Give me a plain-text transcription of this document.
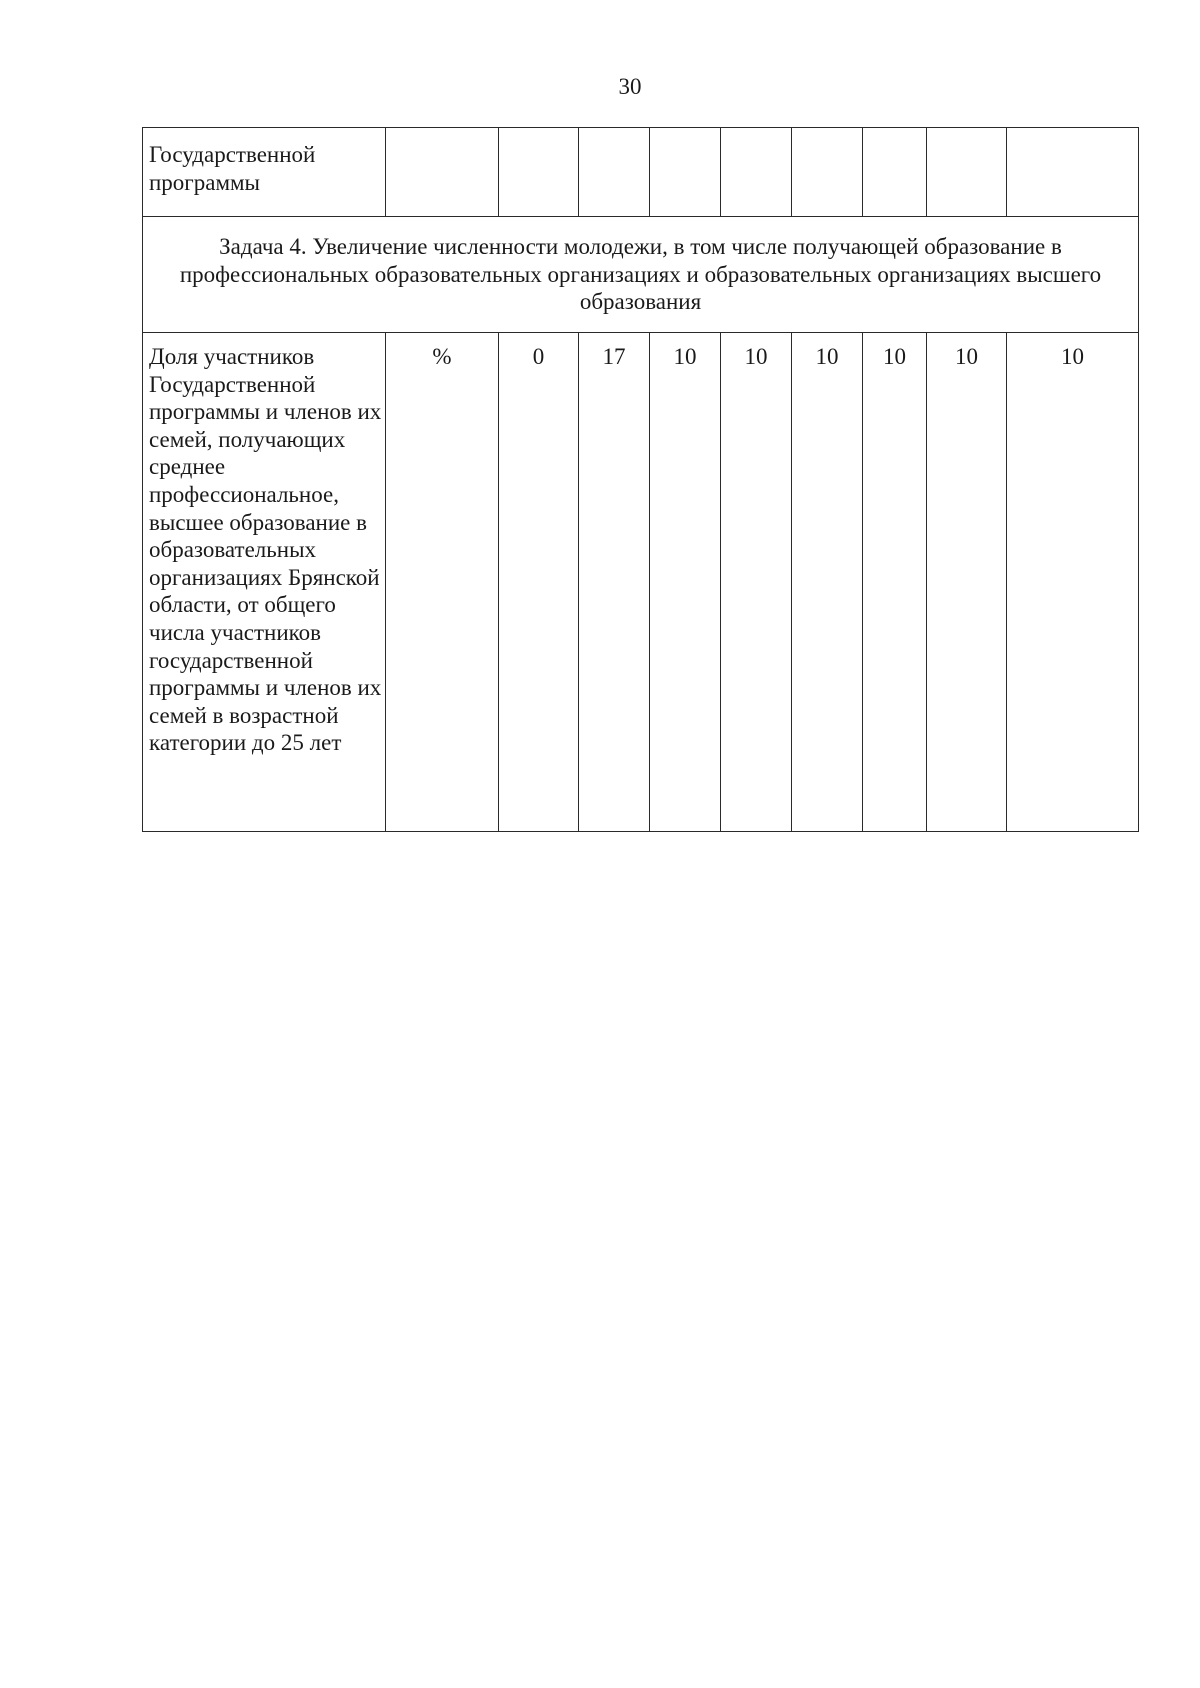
30
Государственной программы									
Задача 4. Увеличение численности молодежи, в том числе получающей образование в профессиональных образовательных организациях и образовательных организациях высшего образования									
Доля участников Государственной программы и членов их семей, получающих среднее профессиональное, высшее образование в образовательных организациях Брянской области, от общего числа участников государственной программы и членов их семей в возрастной категории до 25 лет	%	0	17	10	10	10	10	10	10
